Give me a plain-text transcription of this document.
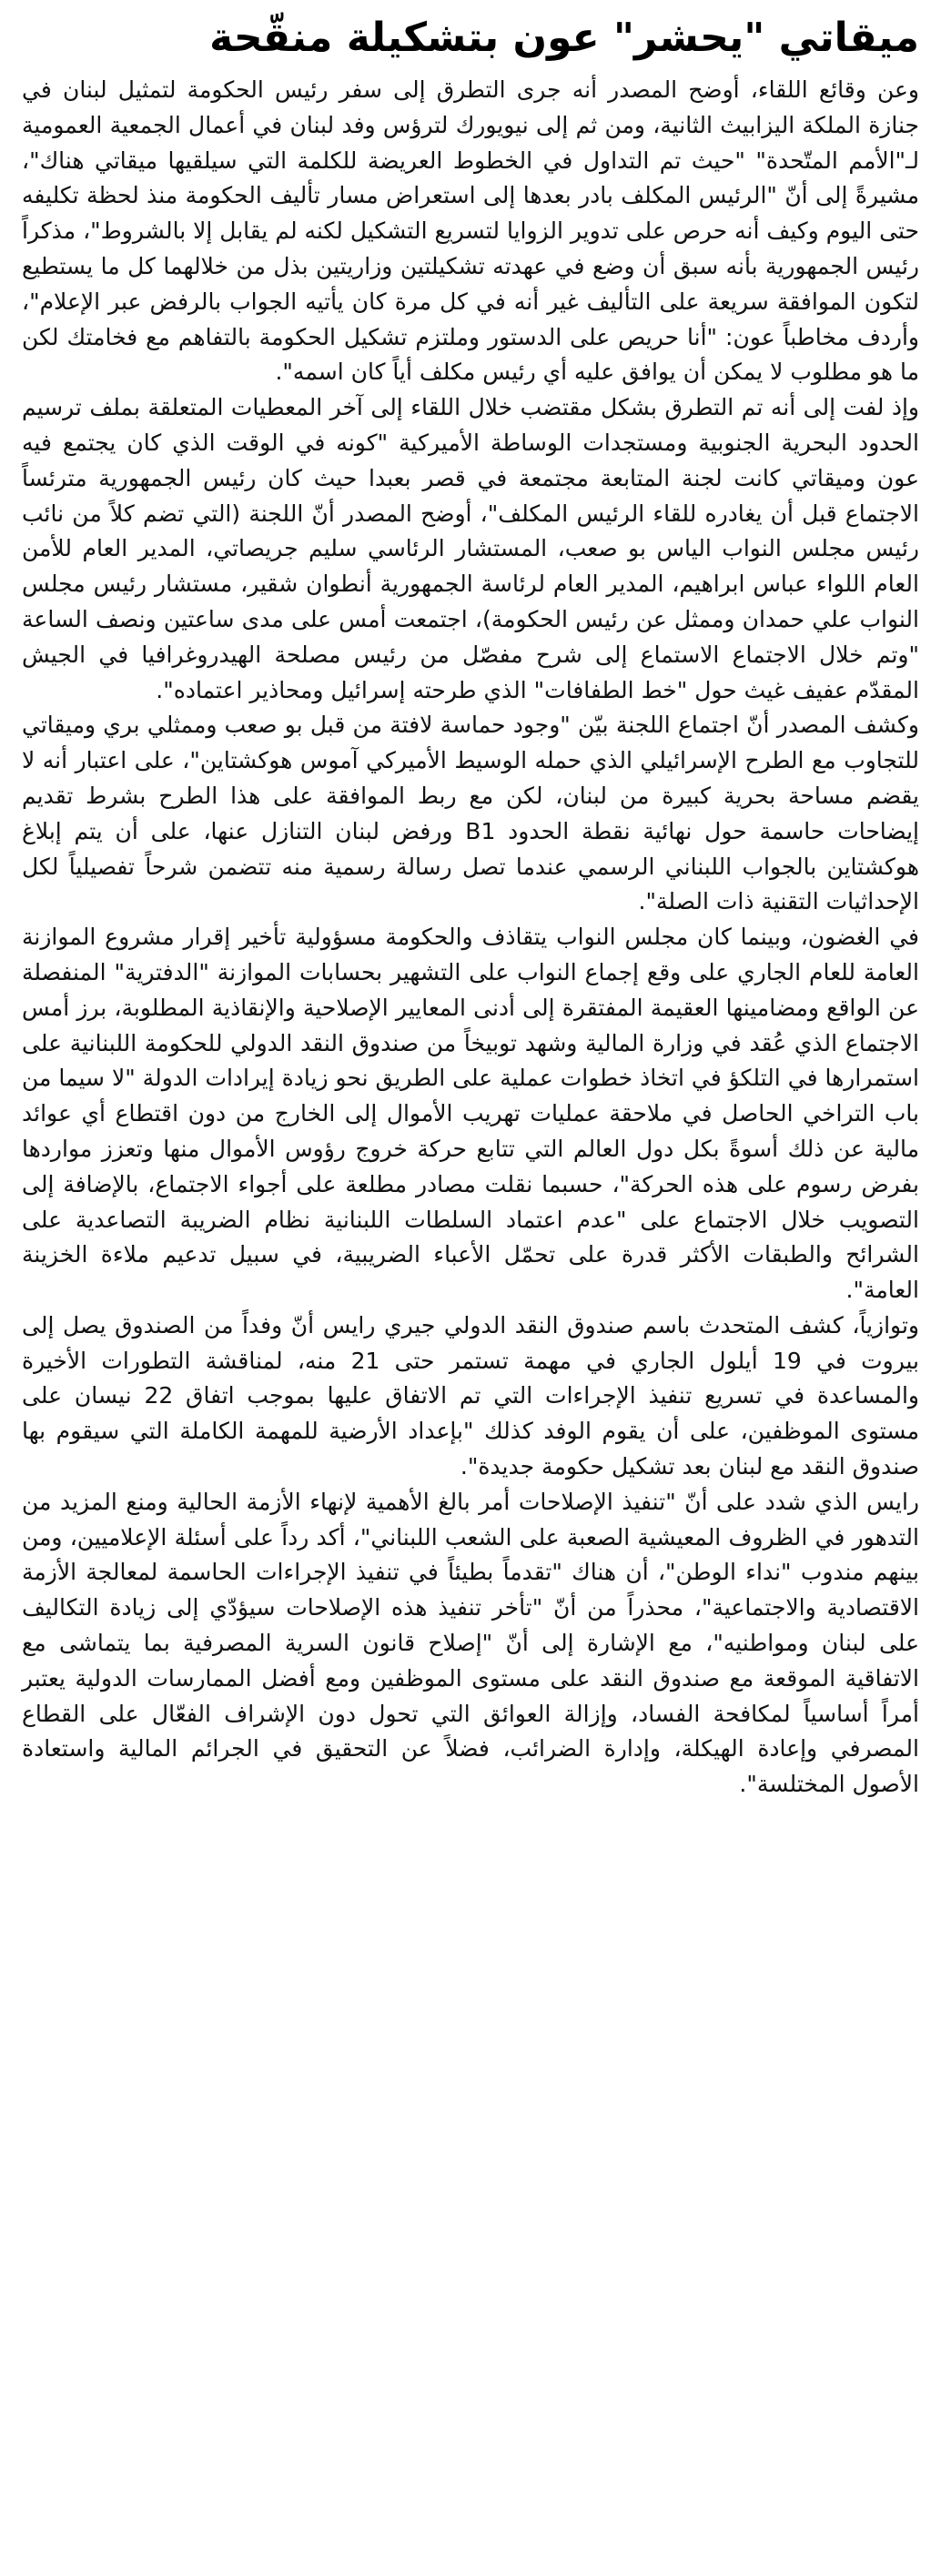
ميقاتي "يحشر" عون بتشكيلة منقّحة

وعن وقائع اللقاء، أوضح المصدر أنه جرى التطرق إلى سفر رئيس الحكومة لتمثيل لبنان في جنازة الملكة اليزابيث الثانية، ومن ثم إلى نيويورك لترؤس وفد لبنان في أعمال الجمعية العمومية لـ"الأمم المتّحدة" "حيث تم التداول في الخطوط العريضة للكلمة التي سيلقيها ميقاتي هناك"، مشيرةً إلى أنّ "الرئيس المكلف بادر بعدها إلى استعراض مسار تأليف الحكومة منذ لحظة تكليفه حتى اليوم وكيف أنه حرص على تدوير الزوايا لتسريع التشكيل لكنه لم يقابل إلا بالشروط"، مذكراً رئيس الجمهورية بأنه سبق أن وضع في عهدته تشكيلتين وزاريتين بذل من خلالهما كل ما يستطيع لتكون الموافقة سريعة على التأليف غير أنه في كل مرة كان يأتيه الجواب بالرفض عبر الإعلام"، وأردف مخاطباً عون: "أنا حريص على الدستور وملتزم تشكيل الحكومة بالتفاهم مع فخامتك لكن ما هو مطلوب لا يمكن أن يوافق عليه أي رئيس مكلف أياً كان اسمه".

وإذ لفت إلى أنه تم التطرق بشكل مقتضب خلال اللقاء إلى آخر المعطيات المتعلقة بملف ترسيم الحدود البحرية الجنوبية ومستجدات الوساطة الأميركية "كونه في الوقت الذي كان يجتمع فيه عون وميقاتي كانت لجنة المتابعة مجتمعة في قصر بعبدا حيث كان رئيس الجمهورية مترئساً الاجتماع قبل أن يغادره للقاء الرئيس المكلف"، أوضح المصدر أنّ اللجنة (التي تضم كلاً من نائب رئيس مجلس النواب الياس بو صعب، المستشار الرئاسي سليم جريصاتي، المدير العام للأمن العام اللواء عباس ابراهيم، المدير العام لرئاسة الجمهورية أنطوان شقير، مستشار رئيس مجلس النواب علي حمدان وممثل عن رئيس الحكومة)، اجتمعت أمس على مدى ساعتين ونصف الساعة "وتم خلال الاجتماع الاستماع إلى شرح مفصّل من رئيس مصلحة الهيدروغرافيا في الجيش المقدّم عفيف غيث حول "خط الطفافات" الذي طرحته إسرائيل ومحاذير اعتماده".

وكشف المصدر أنّ اجتماع اللجنة بيّن "وجود حماسة لافتة من قبل بو صعب وممثلي بري وميقاتي للتجاوب مع الطرح الإسرائيلي الذي حمله الوسيط الأميركي آموس هوكشتاين"، على اعتبار أنه لا يقضم مساحة بحرية كبيرة من لبنان، لكن مع ربط الموافقة على هذا الطرح بشرط تقديم إيضاحات حاسمة حول نهائية نقطة الحدود B1 ورفض لبنان التنازل عنها، على أن يتم إبلاغ هوكشتاين بالجواب اللبناني الرسمي عندما تصل رسالة رسمية منه تتضمن شرحاً تفصيلياً لكل الإحداثيات التقنية ذات الصلة".

في الغضون، وبينما كان مجلس النواب يتقاذف والحكومة مسؤولية تأخير إقرار مشروع الموازنة العامة للعام الجاري على وقع إجماع النواب على التشهير بحسابات الموازنة "الدفترية" المنفصلة عن الواقع ومضامينها العقيمة المفتقرة إلى أدنى المعايير الإصلاحية والإنقاذية المطلوبة، برز أمس الاجتماع الذي عُقد في وزارة المالية وشهد توبيخاً من صندوق النقد الدولي للحكومة اللبنانية على استمرارها في التلكؤ في اتخاذ خطوات عملية على الطريق نحو زيادة إيرادات الدولة "لا سيما من باب التراخي الحاصل في ملاحقة عمليات تهريب الأموال إلى الخارج من دون اقتطاع أي عوائد مالية عن ذلك أسوةً بكل دول العالم التي تتابع حركة خروج رؤوس الأموال منها وتعزز مواردها بفرض رسوم على هذه الحركة"، حسبما نقلت مصادر مطلعة على أجواء الاجتماع، بالإضافة إلى التصويب خلال الاجتماع على "عدم اعتماد السلطات اللبنانية نظام الضريبة التصاعدية على الشرائح والطبقات الأكثر قدرة على تحمّل الأعباء الضريبية، في سبيل تدعيم ملاءة الخزينة العامة".

وتوازياً، كشف المتحدث باسم صندوق النقد الدولي جيري رايس أنّ وفداً من الصندوق يصل إلى بيروت في 19 أيلول الجاري في مهمة تستمر حتى 21 منه، لمناقشة التطورات الأخيرة والمساعدة في تسريع تنفيذ الإجراءات التي تم الاتفاق عليها بموجب اتفاق 22 نيسان على مستوى الموظفين، على أن يقوم الوفد كذلك "بإعداد الأرضية للمهمة الكاملة التي سيقوم بها صندوق النقد مع لبنان بعد تشكيل حكومة جديدة".

رايس الذي شدد على أنّ "تنفيذ الإصلاحات أمر بالغ الأهمية لإنهاء الأزمة الحالية ومنع المزيد من التدهور في الظروف المعيشية الصعبة على الشعب اللبناني"، أكد رداً على أسئلة الإعلاميين، ومن بينهم مندوب "نداء الوطن"، أن هناك "تقدماً بطيئاً في تنفيذ الإجراءات الحاسمة لمعالجة الأزمة الاقتصادية والاجتماعية"، محذراً من أنّ "تأخر تنفيذ هذه الإصلاحات سيؤدّي إلى زيادة التكاليف على لبنان ومواطنيه"، مع الإشارة إلى أنّ "إصلاح قانون السرية المصرفية بما يتماشى مع الاتفاقية الموقعة مع صندوق النقد على مستوى الموظفين ومع أفضل الممارسات الدولية يعتبر أمراً أساسياً لمكافحة الفساد، وإزالة العوائق التي تحول دون الإشراف الفعّال على القطاع المصرفي وإعادة الهيكلة، وإدارة الضرائب، فضلاً عن التحقيق في الجرائم المالية واستعادة الأصول المختلسة".
